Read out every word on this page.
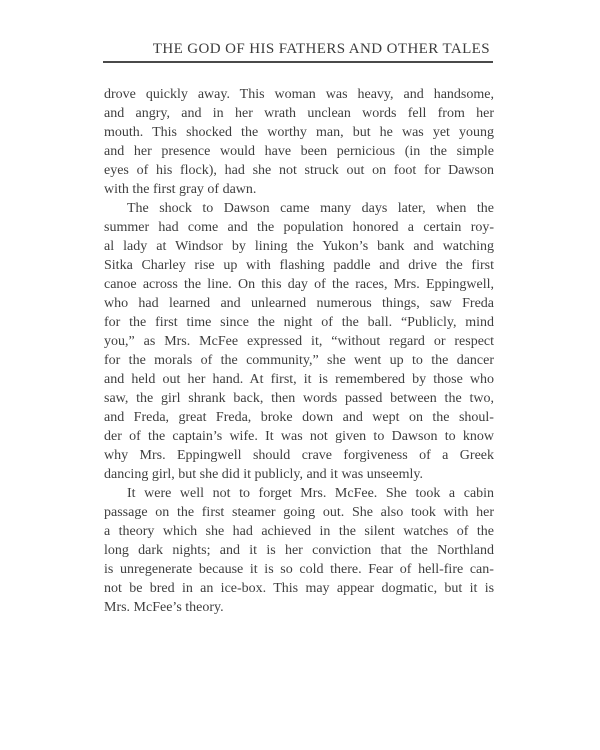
THE GOD OF HIS FATHERS AND OTHER TALES
drove quickly away. This woman was heavy, and handsome,
and angry, and in her wrath unclean words fell from her
mouth. This shocked the worthy man, but he was yet young
and her presence would have been pernicious (in the simple
eyes of his flock), had she not struck out on foot for Dawson
with the first gray of dawn.
The shock to Dawson came many days later, when the
summer had come and the population honored a certain roy-
al lady at Windsor by lining the Yukon’s bank and watching
Sitka Charley rise up with flashing paddle and drive the first
canoe across the line. On this day of the races, Mrs. Eppingwell,
who had learned and unlearned numerous things, saw Freda
for the first time since the night of the ball. “Publicly, mind
you,” as Mrs. McFee expressed it, “without regard or respect
for the morals of the community,” she went up to the dancer
and held out her hand. At first, it is remembered by those who
saw, the girl shrank back, then words passed between the two,
and Freda, great Freda, broke down and wept on the shoul-
der of the captain’s wife. It was not given to Dawson to know
why Mrs. Eppingwell should crave forgiveness of a Greek
dancing girl, but she did it publicly, and it was unseemly.
It were well not to forget Mrs. McFee. She took a cabin
passage on the first steamer going out. She also took with her
a theory which she had achieved in the silent watches of the
long dark nights; and it is her conviction that the Northland
is unregenerate because it is so cold there. Fear of hell-fire can-
not be bred in an ice-box. This may appear dogmatic, but it is
Mrs. McFee’s theory.
